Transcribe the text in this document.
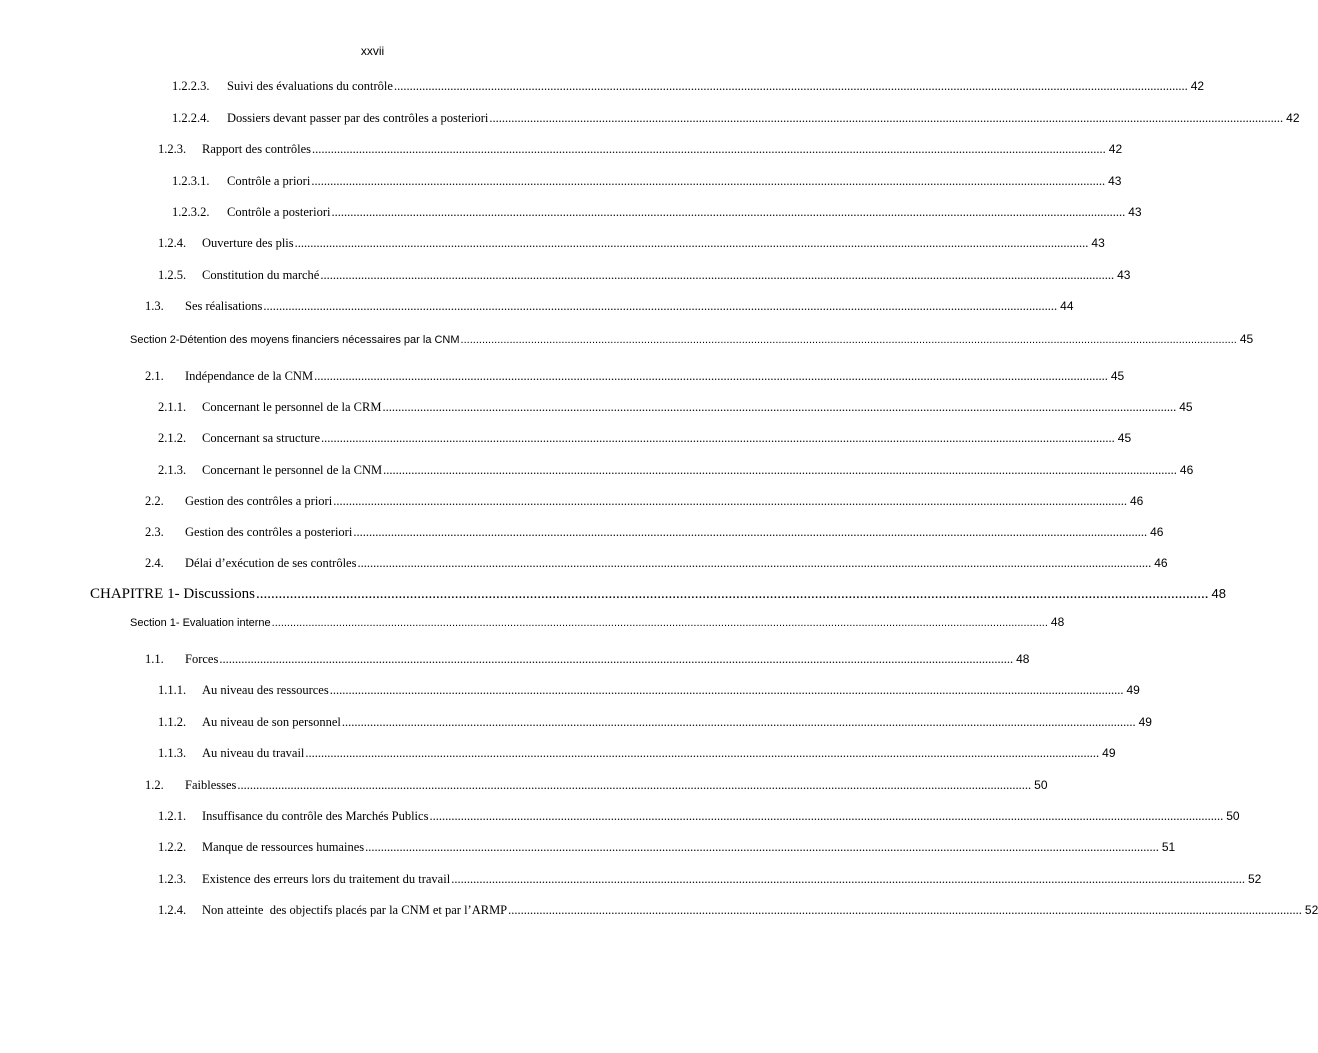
xxvii
1.2.2.3.	Suivi des évaluations du contrôle .....	42
1.2.2.4.	Dossiers devant passer par des contrôles a posteriori .....	42
1.2.3.	Rapport des contrôles .....	42
1.2.3.1.	Contrôle a priori .....	43
1.2.3.2.	Contrôle a posteriori .....	43
1.2.4.	Ouverture des plis .....	43
1.2.5.	Constitution du marché .....	43
1.3.	Ses réalisations .....	44
Section 2-Détention des moyens financiers nécessaires par la CNM .....	45
2.1.	Indépendance de la CNM .....	45
2.1.1.	Concernant le personnel de la CRM .....	45
2.1.2.	Concernant sa structure .....	45
2.1.3.	Concernant le personnel de la CNM .....	46
2.2.	Gestion des contrôles a priori .....	46
2.3.	Gestion des contrôles a posteriori .....	46
2.4.	Délai d’exécution de ses contrôles .....	46
CHAPITRE 1- Discussions .....	48
Section 1- Evaluation interne .....	48
1.1.	Forces .....	48
1.1.1.	Au niveau des ressources .....	49
1.1.2.	Au niveau de son personnel .....	49
1.1.3.	Au niveau du travail .....	49
1.2.	Faiblesses .....	50
1.2.1.	Insuffisance du contrôle des Marchés Publics .....	50
1.2.2.	Manque de ressources humaines .....	51
1.2.3.	Existence des erreurs lors du traitement du travail .....	52
1.2.4.	Non atteinte  des objectifs placés par la CNM et par l’ARMP .....	52
